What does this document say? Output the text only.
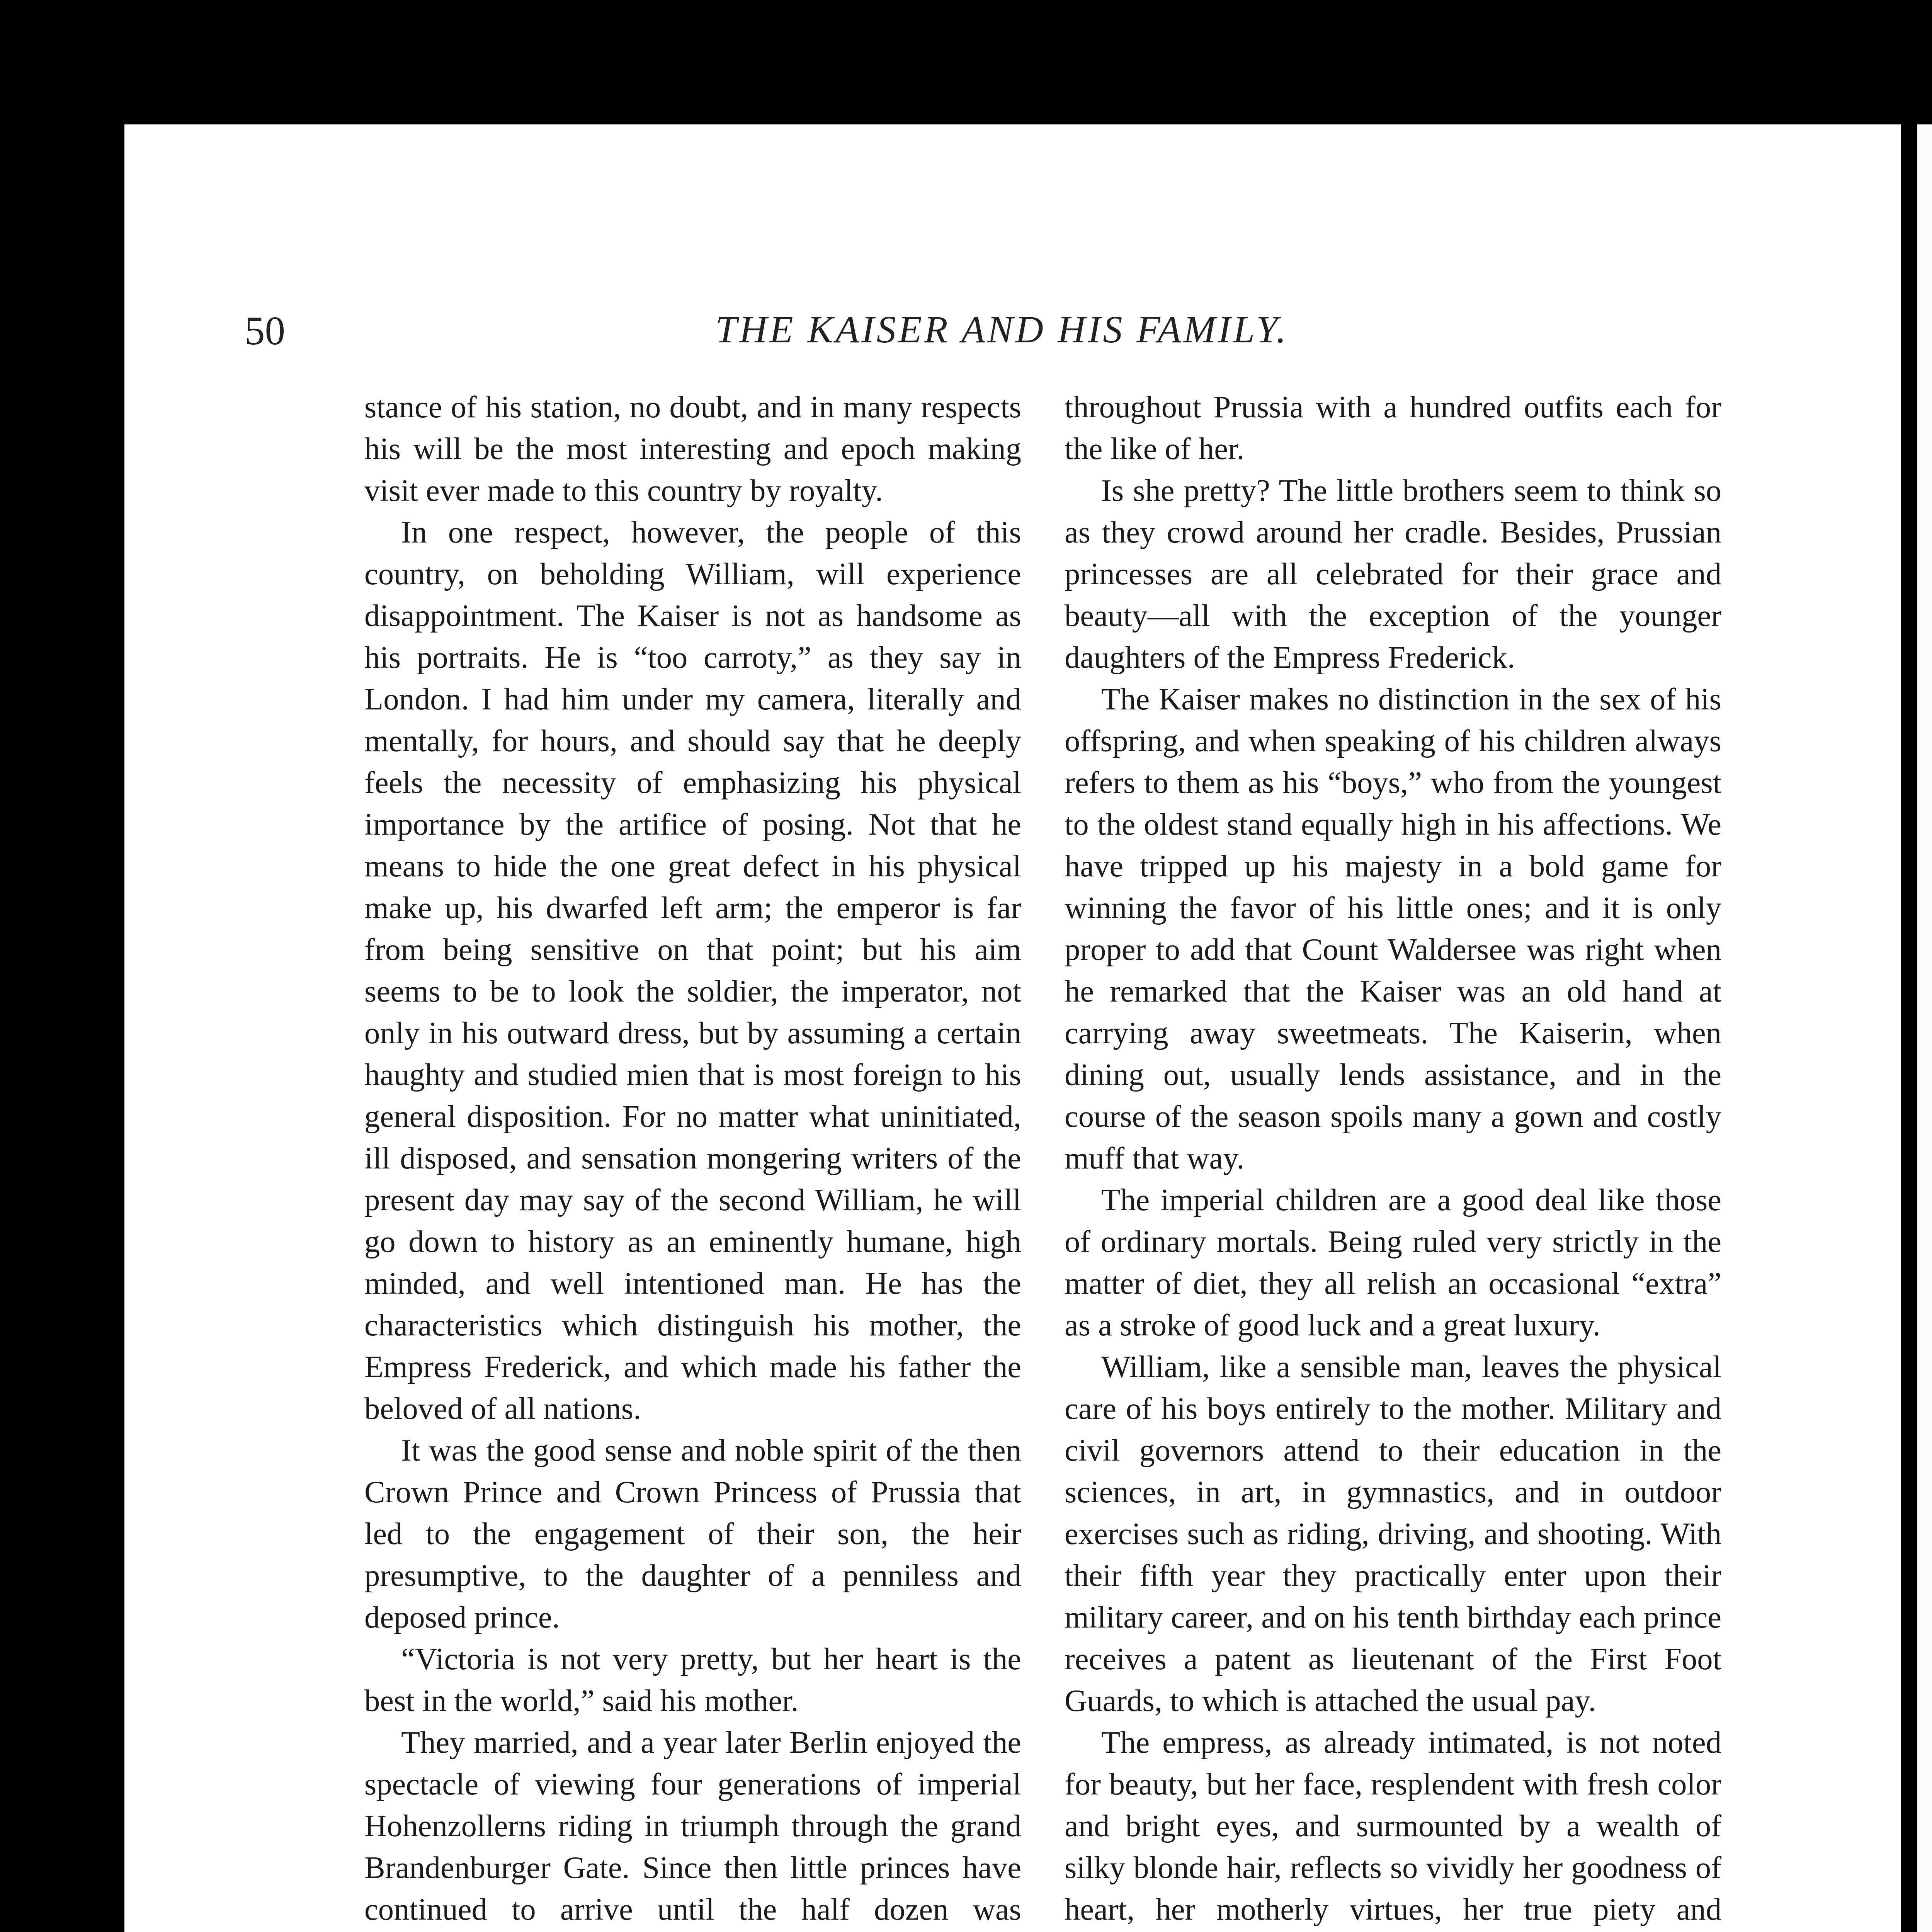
50	THE KAISER AND HIS FAMILY.

stance of his station, no doubt, and in many respects his will be the most interesting and epoch making visit ever made to this country by royalty.

In one respect, however, the people of this country, on beholding William, will experience disappointment. The Kaiser is not as handsome as his portraits. He is “too carroty,” as they say in London. I had him under my camera, literally and mentally, for hours, and should say that he deeply feels the necessity of emphasizing his physical importance by the artifice of posing. Not that he means to hide the one great defect in his physical make up, his dwarfed left arm; the emperor is far from being sensitive on that point; but his aim seems to be to look the soldier, the imperator, not only in his outward dress, but by assuming a certain haughty and studied mien that is most foreign to his general disposition. For no matter what uninitiated, ill disposed, and sensation mongering writers of the present day may say of the second William, he will go down to history as an eminently humane, high minded, and well intentioned man. He has the characteristics which distinguish his mother, the Empress Frederick, and which made his father the beloved of all nations.

It was the good sense and noble spirit of the then Crown Prince and Crown Princess of Prussia that led to the engagement of their son, the heir presumptive, to the daughter of a penniless and deposed prince.

“Victoria is not very pretty, but her heart is the best in the world,” said his mother.

They married, and a year later Berlin enjoyed the spectacle of viewing four generations of imperial Hohenzollerns riding in triumph through the grand Brandenburger Gate. Since then little princes have continued to arrive until the half dozen was

throughout Prussia with a hundred outfits each for the like of her.

Is she pretty? The little brothers seem to think so as they crowd around her cradle. Besides, Prussian princesses are all celebrated for their grace and beauty—all with the exception of the younger daughters of the Empress Frederick.

The Kaiser makes no distinction in the sex of his offspring, and when speaking of his children always refers to them as his “boys,” who from the youngest to the oldest stand equally high in his affections. We have tripped up his majesty in a bold game for winning the favor of his little ones; and it is only proper to add that Count Waldersee was right when he remarked that the Kaiser was an old hand at carrying away sweetmeats. The Kaiserin, when dining out, usually lends assistance, and in the course of the season spoils many a gown and costly muff that way.

The imperial children are a good deal like those of ordinary mortals. Being ruled very strictly in the matter of diet, they all relish an occasional “extra” as a stroke of good luck and a great luxury.

William, like a sensible man, leaves the physical care of his boys entirely to the mother. Military and civil governors attend to their education in the sciences, in art, in gymnastics, and in outdoor exercises such as riding, driving, and shooting. With their fifth year they practically enter upon their military career, and on his tenth birthday each prince receives a patent as lieutenant of the First Foot Guards, to which is attached the usual pay.

The empress, as already intimated, is not noted for beauty, but her face, resplendent with fresh color and bright eyes, and surmounted by a wealth of silky blonde hair, reflects so vividly her goodness of heart, her motherly virtues, her true piety and
